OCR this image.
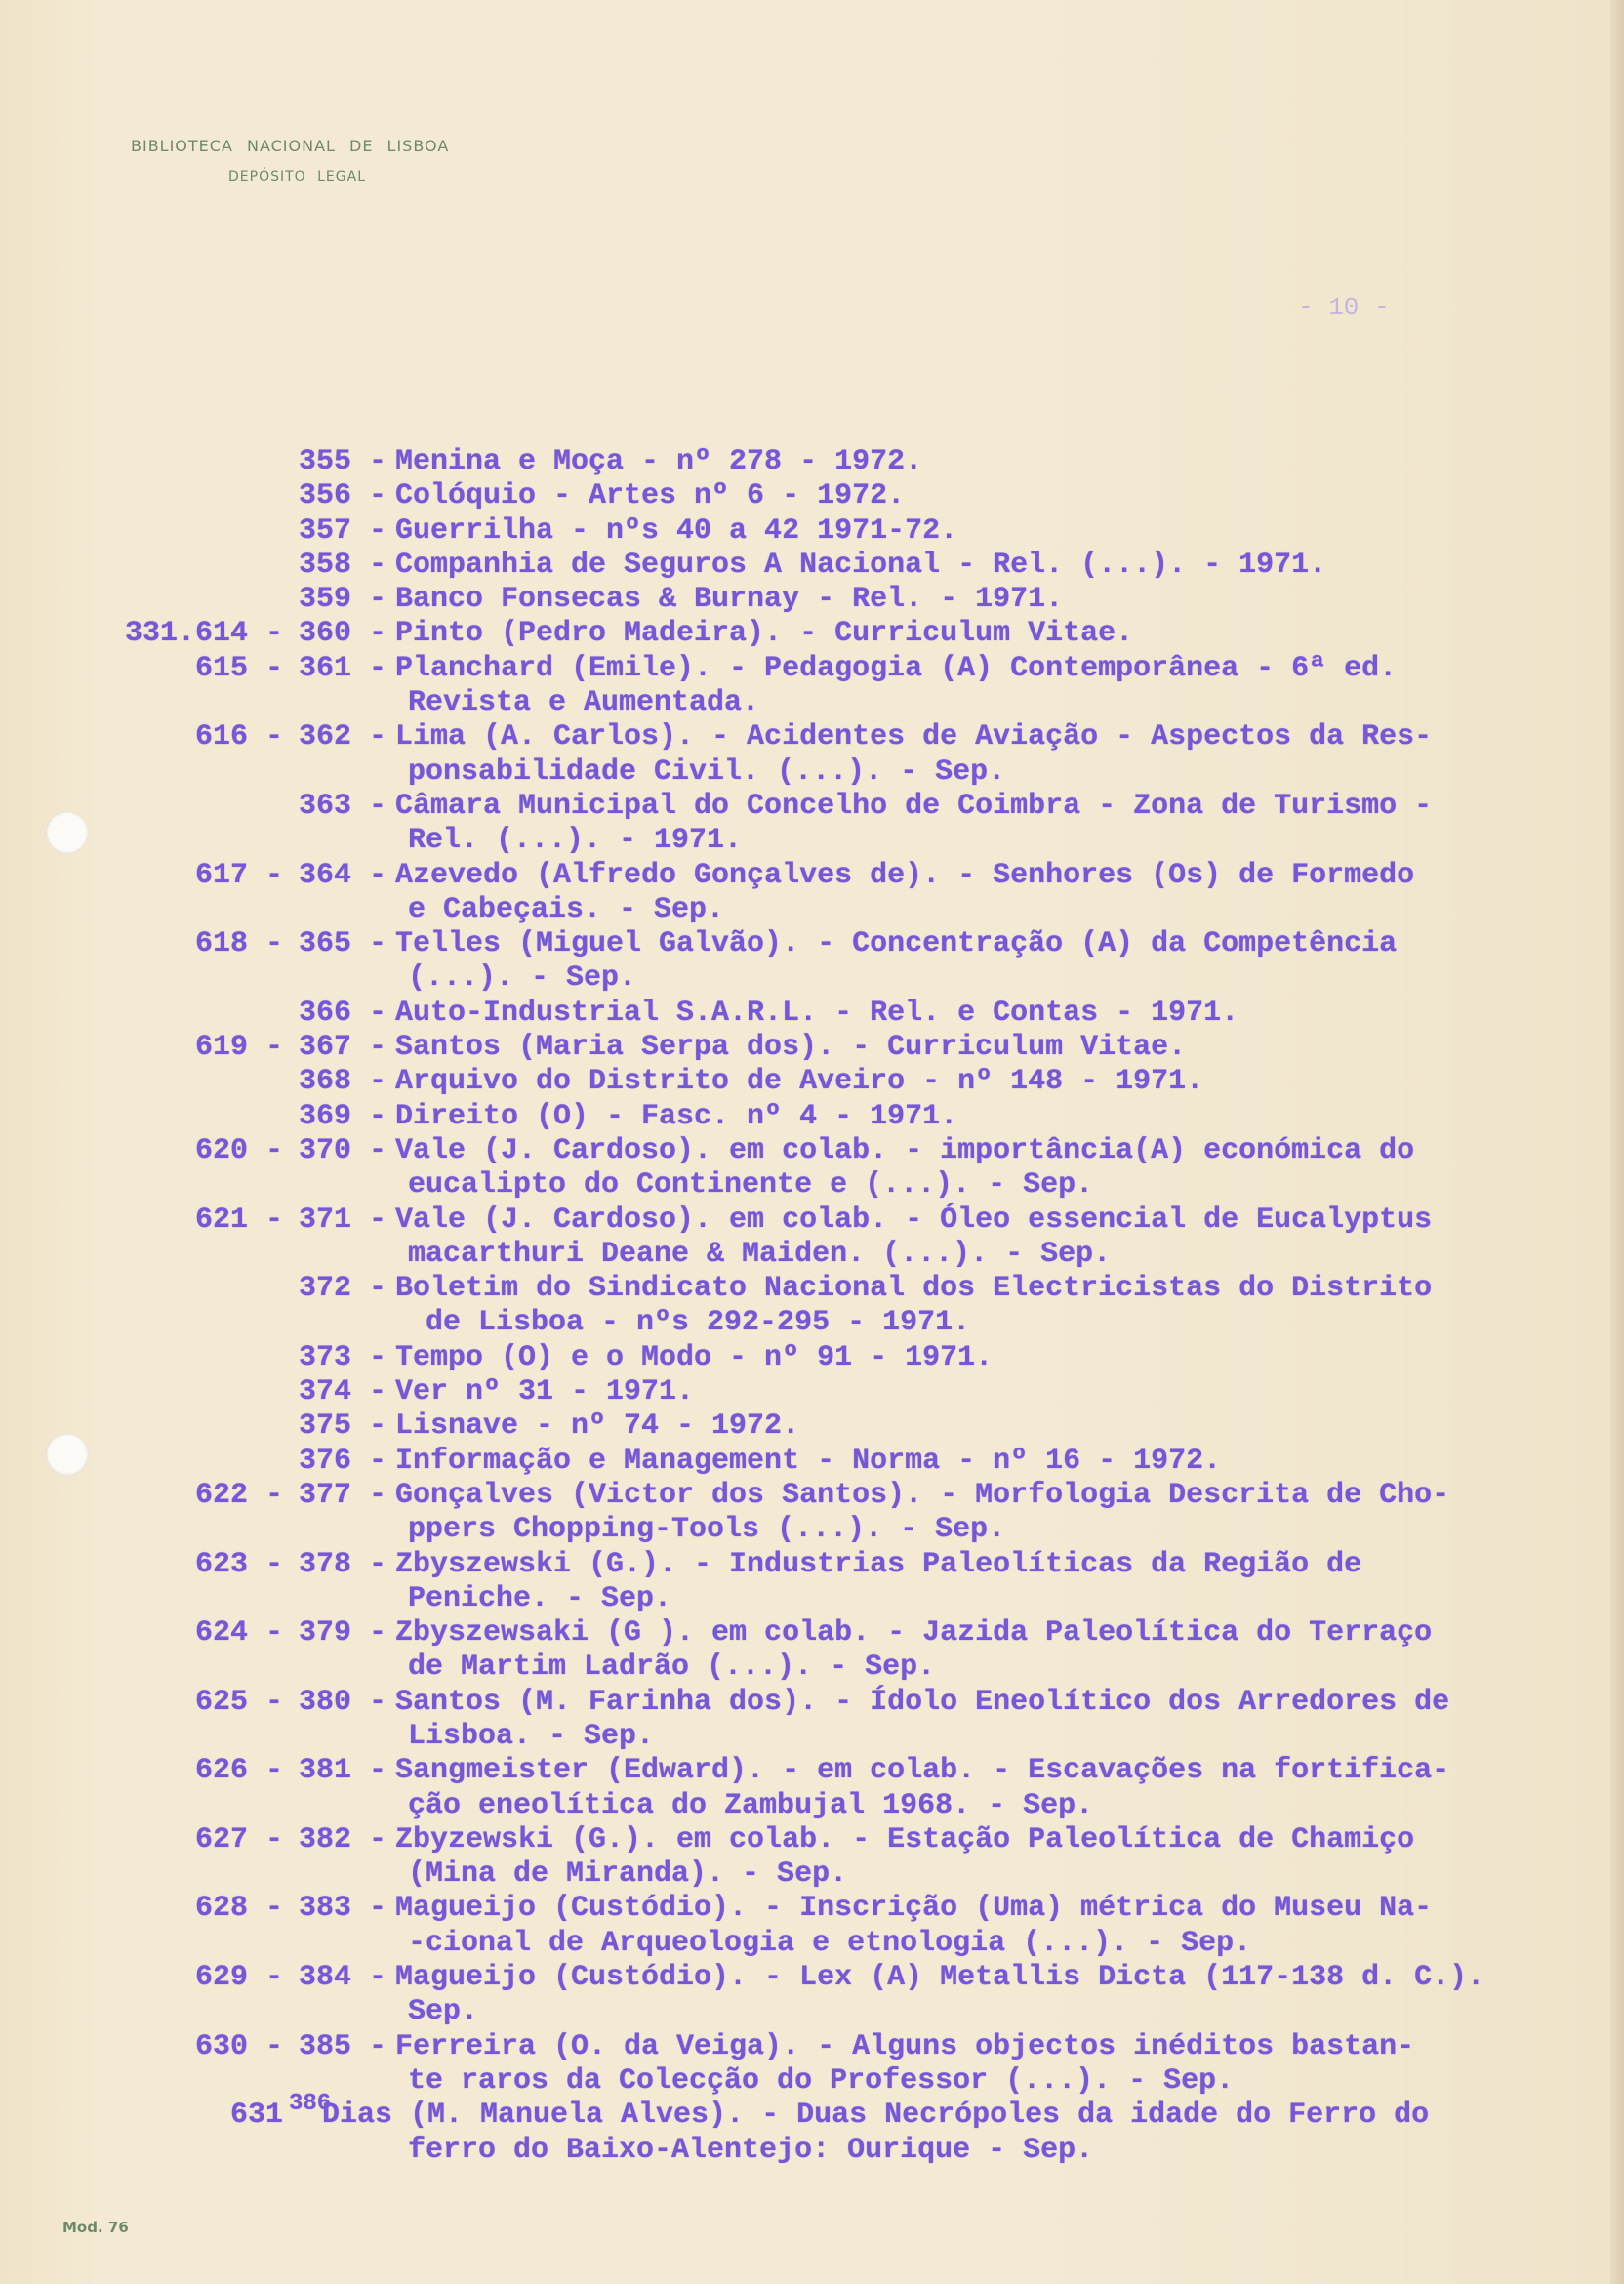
BIBLIOTECA NACIONAL DE LISBOA
DEPÓSITO LEGAL
- 10 -
355 - Menina e Moça - nº 278 - 1972.
356 - Colóquio - Artes nº 6 - 1972.
357 - Guerrilha - nºs 40 a 42 1971-72.
358 - Companhia de Seguros A Nacional - Rel. (...). - 1971.
359 - Banco Fonsecas & Burnay - Rel. - 1971.
331.614 - 360 - Pinto (Pedro Madeira). - Curriculum Vitae.
615 - 361 - Planchard (Emile). - Pedagogia (A) Contemporânea - 6ª ed.
Revista e Aumentada.
616 - 362 - Lima (A. Carlos). - Acidentes de Aviação - Aspectos da Res-
ponsabilidade Civil. (...). - Sep.
363 - Câmara Municipal do Concelho de Coimbra - Zona de Turismo -
Rel. (...). - 1971.
617 - 364 - Azevedo (Alfredo Gonçalves de). - Senhores (Os) de Formedo
e Cabeçais. - Sep.
618 - 365 - Telles (Miguel Galvão). - Concentração (A) da Competência
(...). - Sep.
366 - Auto-Industrial S.A.R.L. - Rel. e Contas - 1971.
619 - 367 - Santos (Maria Serpa dos). - Curriculum Vitae.
368 - Arquivo do Distrito de Aveiro - nº 148 - 1971.
369 - Direito (O) - Fasc. nº 4 - 1971.
620 - 370 - Vale (J. Cardoso). em colab. - importância(A) económica do
eucalipto do Continente e (...). - Sep.
621 - 371 - Vale (J. Cardoso). em colab. - Óleo essencial de Eucalyptus
macarthuri Deane & Maiden. (...). - Sep.
372 - Boletim do Sindicato Nacional dos Electricistas do Distrito
de Lisboa - nºs 292-295 - 1971.
373 - Tempo (O) e o Modo - nº 91 - 1971.
374 - Ver nº 31 - 1971.
375 - Lisnave - nº 74 - 1972.
376 - Informação e Management - Norma - nº 16 - 1972.
622 - 377 - Gonçalves (Victor dos Santos). - Morfologia Descrita de Cho-
ppers Chopping-Tools (...). - Sep.
623 - 378 - Zbyszewski (G.). - Industrias Paleolíticas da Região de
Peniche. - Sep.
624 - 379 - Zbyszewsaki (G ). em colab. - Jazida Paleolítica do Terraço
de Martim Ladrão (...). - Sep.
625 - 380 - Santos (M. Farinha dos). - Ídolo Eneolítico dos Arredores de
Lisboa. - Sep.
626 - 381 - Sangmeister (Edward). - em colab. - Escavações na fortifica-
ção eneolítica do Zambujal 1968. - Sep.
627 - 382 - Zbyzewski (G.). em colab. - Estação Paleolítica de Chamiço
(Mina de Miranda). - Sep.
628 - 383 - Magueijo (Custódio). - Inscrição (Uma) métrica do Museu Na-
-cional de Arqueologia e etnologia (...). - Sep.
629 - 384 - Magueijo (Custódio). - Lex (A) Metallis Dicta (117-138 d. C.).
Sep.
630 - 385 - Ferreira (O. da Veiga). - Alguns objectos inéditos bastan-
te raros da Colecção do Professor (...). - Sep.
631 386
Dias (M. Manuela Alves). - Duas Necrópoles da idade do Ferro do
ferro do Baixo-Alentejo: Ourique - Sep.
Mod. 76
